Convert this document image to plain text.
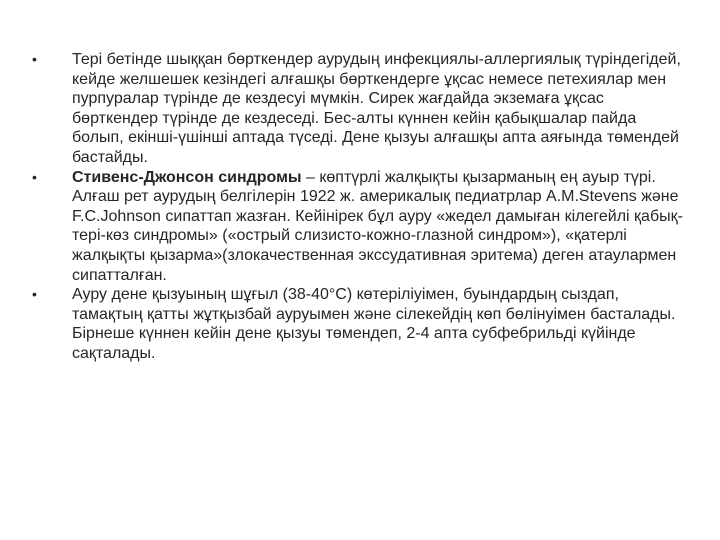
•	Тері бетінде шыққан бөрткендер аурудың инфекциялы-аллергиялық түріндегідей, кейде желшешек кезіндегі алғашқы бөрткендерге ұқсас немесе петехиялар мен пурпуралар түрінде де кездесуі мүмкін. Сирек жағдайда экземаға ұқсас бөрткендер түрінде де кездеседі. Бес-алты күннен кейін қабықшалар пайда болып, екінші-үшінші аптада түседі. Дене қызуы алғашқы апта аяғында төмендей бастайды.
•	Стивенс-Джонсон синдромы – көптүрлі жалқықты қызарманың ең ауыр түрі. Алғаш рет аурудың белгілерін 1922 ж. америкалық педиатрлар A.M.Stevens және F.C.Johnson сипаттап жазған. Кейінірек бұл ауру «жедел дамыған кілегейлі қабық-тері-көз синдромы» («острый слизисто-кожно-глазной синдром»), «қатерлі жалқықты қызарма»(злокачественная экссудативная эритема) деген атаулармен сипатталған.
•	Ауру дене қызуының шұғыл (38-40°С) көтеріліуімен, буындардың сыздап, тамақтың қатты жұтқызбай ауруымен және сілекейдің көп бөлінуімен басталады. Бірнеше күннен кейін дене қызуы төмендеп, 2-4 апта субфебрильді күйінде сақталады.
